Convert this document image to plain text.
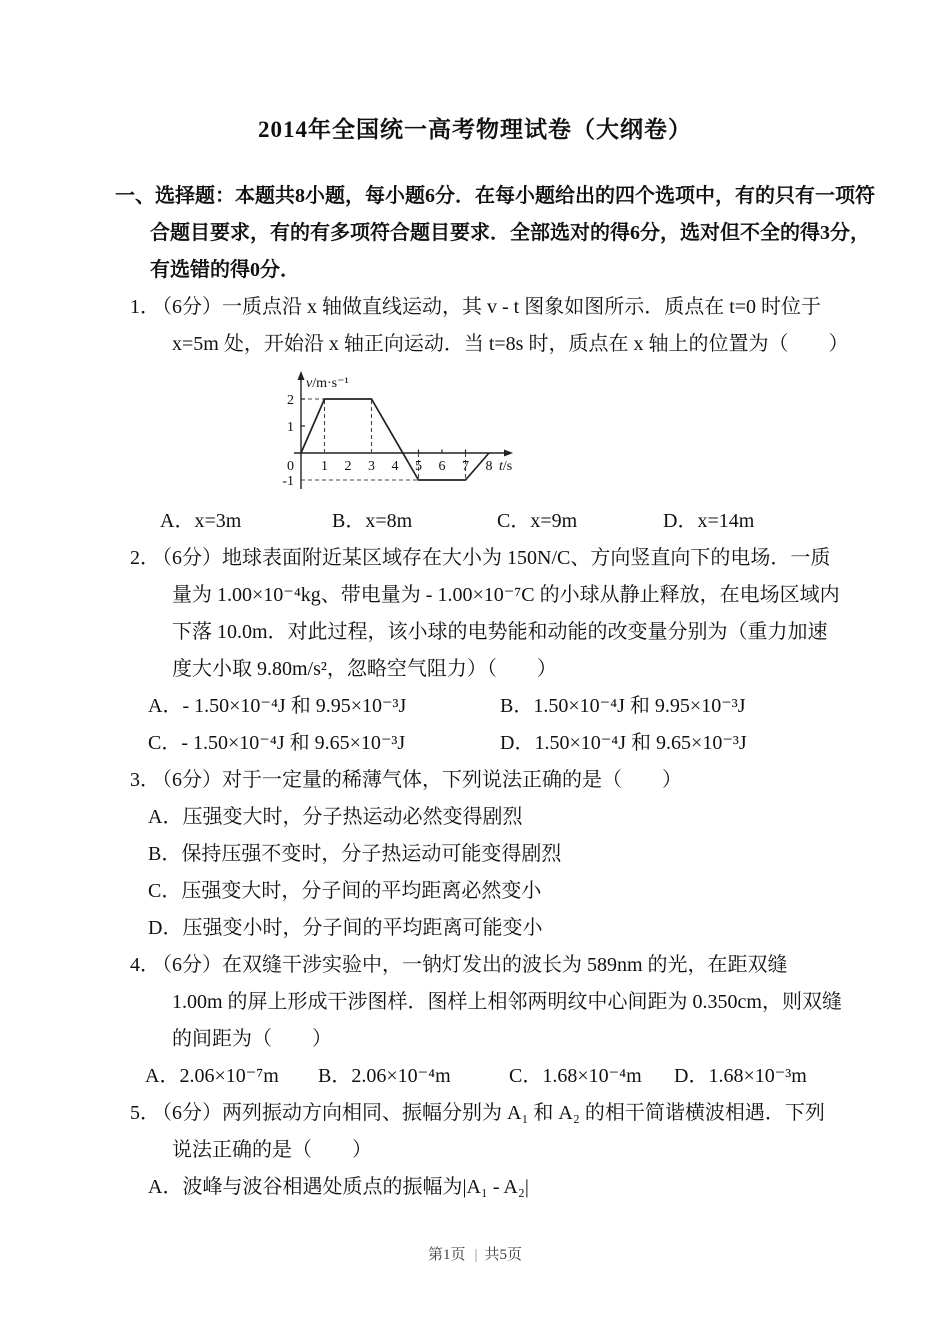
2014年全国统一高考物理试卷（大纲卷）

一、选择题：本题共8小题，每小题6分．在每小题给出的四个选项中，有的只有一项符合题目要求，有的有多项符合题目要求．全部选对的得6分，选对但不全的得3分，有选错的得0分．

1． （6分）一质点沿 x 轴做直线运动，其 v - t 图象如图所示．质点在 t=0 时位于 x=5m 处，开始沿 x 轴正向运动．当 t=8s 时，质点在 x 轴上的位置为（　　）

1 2 3 4 5 6 7 8
2
1
0
-1
v/m·s⁻¹
t/s
A．x=3m	B．x=8m	C．x=9m	D．x=14m

2． （6分）地球表面附近某区域存在大小为 150N/C、方向竖直向下的电场．一质量为 1.00×10⁻⁴kg、带电量为 - 1.00×10⁻⁷C 的小球从静止释放，在电场区域内下落 10.0m．对此过程，该小球的电势能和动能的改变量分别为（重力加速度大小取 9.80m/s²，忽略空气阻力）（　　）

A．- 1.50×10⁻⁴J 和 9.95×10⁻³J	B．1.50×10⁻⁴J 和 9.95×10⁻³J
C．- 1.50×10⁻⁴J 和 9.65×10⁻³J	D．1.50×10⁻⁴J 和 9.65×10⁻³J

3． （6分）对于一定量的稀薄气体，下列说法正确的是（　　）

A．压强变大时，分子热运动必然变得剧烈
B．保持压强不变时，分子热运动可能变得剧烈
C．压强变大时，分子间的平均距离必然变小
D．压强变小时，分子间的平均距离可能变小

4． （6分）在双缝干涉实验中，一钠灯发出的波长为 589nm 的光，在距双缝 1.00m 的屏上形成干涉图样．图样上相邻两明纹中心间距为 0.350cm，则双缝的间距为（　　）

A．2.06×10⁻⁷m	B．2.06×10⁻⁴m	C．1.68×10⁻⁴m	D．1.68×10⁻³m

5． （6分）两列振动方向相同、振幅分别为 A₁ 和 A₂ 的相干简谐横波相遇．下列说法正确的是（　　）

A．波峰与波谷相遇处质点的振幅为|A₁ - A₂|
第1页 | 共5页
